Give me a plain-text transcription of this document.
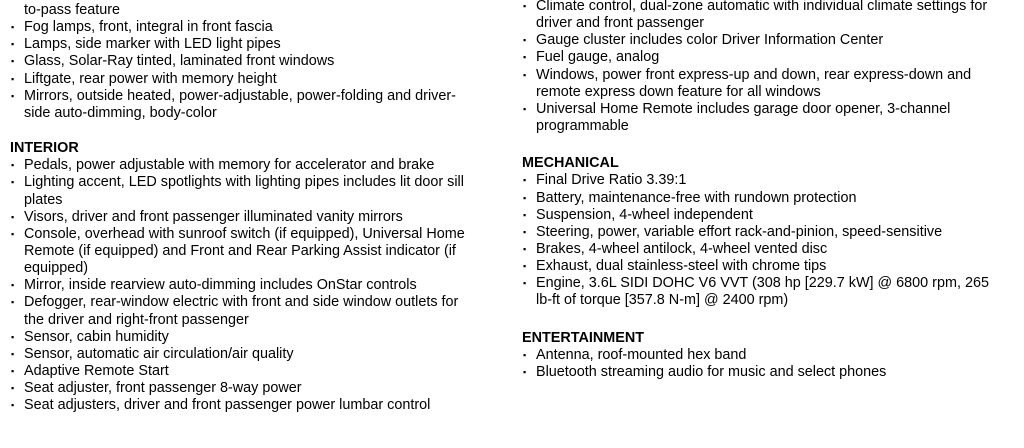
to-pass feature
▪ Fog lamps, front, integral in front fascia
▪ Lamps, side marker with LED light pipes
▪ Glass, Solar-Ray tinted, laminated front windows
▪ Liftgate, rear power with memory height
▪ Mirrors, outside heated, power-adjustable, power-folding and driver-
side auto-dimming, body-color
INTERIOR
▪ Pedals, power adjustable with memory for accelerator and brake
▪ Lighting accent, LED spotlights with lighting pipes includes lit door sill
plates
▪ Visors, driver and front passenger illuminated vanity mirrors
▪ Console, overhead with sunroof switch (if equipped), Universal Home
Remote (if equipped) and Front and Rear Parking Assist indicator (if
equipped)
▪ Mirror, inside rearview auto-dimming includes OnStar controls
▪ Defogger, rear-window electric with front and side window outlets for
the driver and right-front passenger
▪ Sensor, cabin humidity
▪ Sensor, automatic air circulation/air quality
▪ Adaptive Remote Start
▪ Seat adjuster, front passenger 8-way power
▪ Seat adjusters, driver and front passenger power lumbar control
▪ Climate control, dual-zone automatic with individual climate settings for
driver and front passenger
▪ Gauge cluster includes color Driver Information Center
▪ Fuel gauge, analog
▪ Windows, power front express-up and down, rear express-down and
remote express down feature for all windows
▪ Universal Home Remote includes garage door opener, 3-channel
programmable
MECHANICAL
▪ Final Drive Ratio 3.39:1
▪ Battery, maintenance-free with rundown protection
▪ Suspension, 4-wheel independent
▪ Steering, power, variable effort rack-and-pinion, speed-sensitive
▪ Brakes, 4-wheel antilock, 4-wheel vented disc
▪ Exhaust, dual stainless-steel with chrome tips
▪ Engine, 3.6L SIDI DOHC V6 VVT (308 hp [229.7 kW] @ 6800 rpm, 265
lb-ft of torque [357.8 N-m] @ 2400 rpm)
ENTERTAINMENT
▪ Antenna, roof-mounted hex band
▪ Bluetooth streaming audio for music and select phones
